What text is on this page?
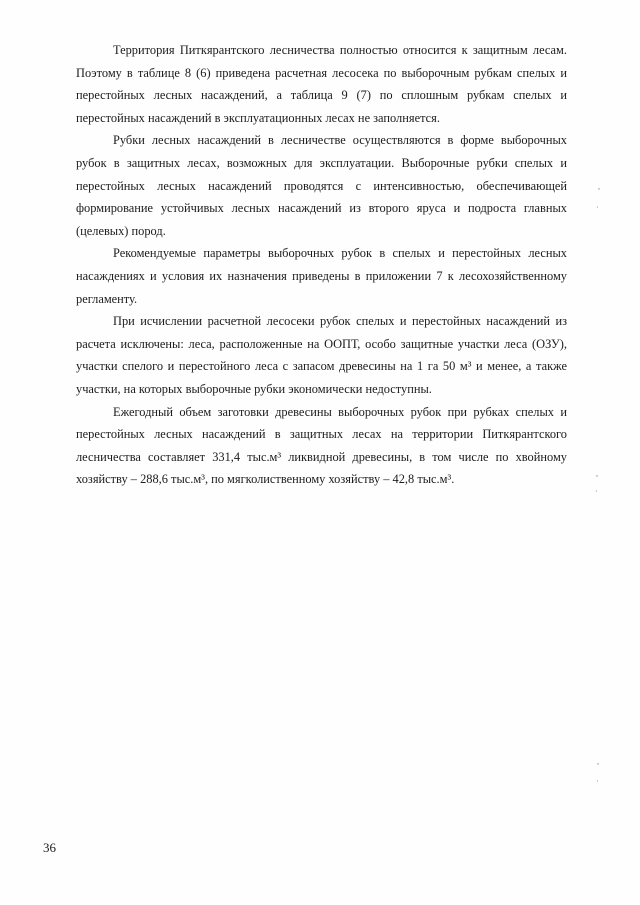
Территория Питкярантского лесничества полностью относится к защитным лесам. Поэтому в таблице 8 (6) приведена расчетная лесосека по выборочным рубкам спелых и перестойных лесных насаждений, а таблица 9 (7) по сплошным рубкам спелых и перестойных насаждений в эксплуатационных лесах не заполняется.

Рубки лесных насаждений в лесничестве осуществляются в форме выборочных рубок в защитных лесах, возможных для эксплуатации. Выборочные рубки спелых и перестойных лесных насаждений проводятся с интенсивностью, обеспечивающей формирование устойчивых лесных насаждений из второго яруса и подроста главных (целевых) пород.

Рекомендуемые параметры выборочных рубок в спелых и перестойных лесных насаждениях и условия их назначения приведены в приложении 7 к лесохозяйственному регламенту.

При исчислении расчетной лесосеки рубок спелых и перестойных насаждений из расчета исключены: леса, расположенные на ООПТ, особо защитные участки леса (ОЗУ), участки спелого и перестойного леса с запасом древесины на 1 га 50 м³ и менее, а также участки, на которых выборочные рубки экономически недоступны.

Ежегодный объем заготовки древесины выборочных рубок при рубках спелых и перестойных лесных насаждений в защитных лесах на территории Питкярантского лесничества составляет 331,4 тыс.м³ ликвидной древесины, в том числе по хвойному хозяйству – 288,6 тыс.м³, по мягколиственному хозяйству – 42,8 тыс.м³.

36
,
·
,
·
,
·
